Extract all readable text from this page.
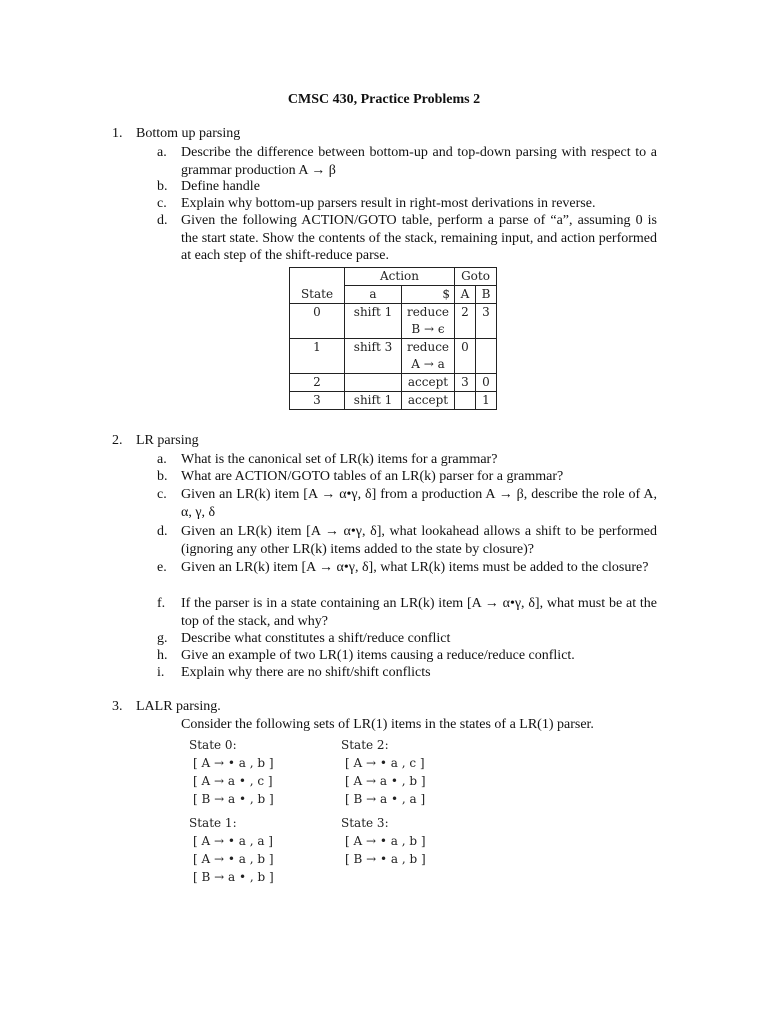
CMSC 430, Practice Problems 2
1. Bottom up parsing
a. Describe the difference between bottom-up and top-down parsing with respect to a grammar production A → β
b. Define handle
c. Explain why bottom-up parsers result in right-most derivations in reverse.
d. Given the following ACTION/GOTO table, perform a parse of “a”, assuming 0 is the start state. Show the contents of the stack, remaining input, and action performed at each step of the shift-reduce parse.
State	Action		Goto	
	a	$	A	B
0	shift 1	reduce	2	3
		B → ϵ		
1	shift 3	reduce	0	
		A → a		
2		accept	3	0
3	shift 1	accept		1
2. LR parsing
a. What is the canonical set of LR(k) items for a grammar?
b. What are ACTION/GOTO tables of an LR(k) parser for a grammar?
c. Given an LR(k) item [A → α•γ, δ] from a production A → β, describe the role of A, α, γ, δ
d. Given an LR(k) item [A → α•γ, δ], what lookahead allows a shift to be performed (ignoring any other LR(k) items added to the state by closure)?
e. Given an LR(k) item [A → α•γ, δ], what LR(k) items must be added to the closure?
f. If the parser is in a state containing an LR(k) item [A → α•γ, δ], what must be at the top of the stack, and why?
g. Describe what constitutes a shift/reduce conflict
h. Give an example of two LR(1) items causing a reduce/reduce conflict.
i. Explain why there are no shift/shift conflicts
3. LALR parsing.
Consider the following sets of LR(1) items in the states of a LR(1) parser.
State 0:
[ A → • a , b ]
[ A → a • , c ]
[ B → a • , b ]
State 2:
[ A → • a , c ]
[ A → a • , b ]
[ B → a • , a ]
State 1:
[ A → • a , a ]
[ A → • a , b ]
[ B → a • , b ]
State 3:
[ A → • a , b ]
[ B → • a , b ]
